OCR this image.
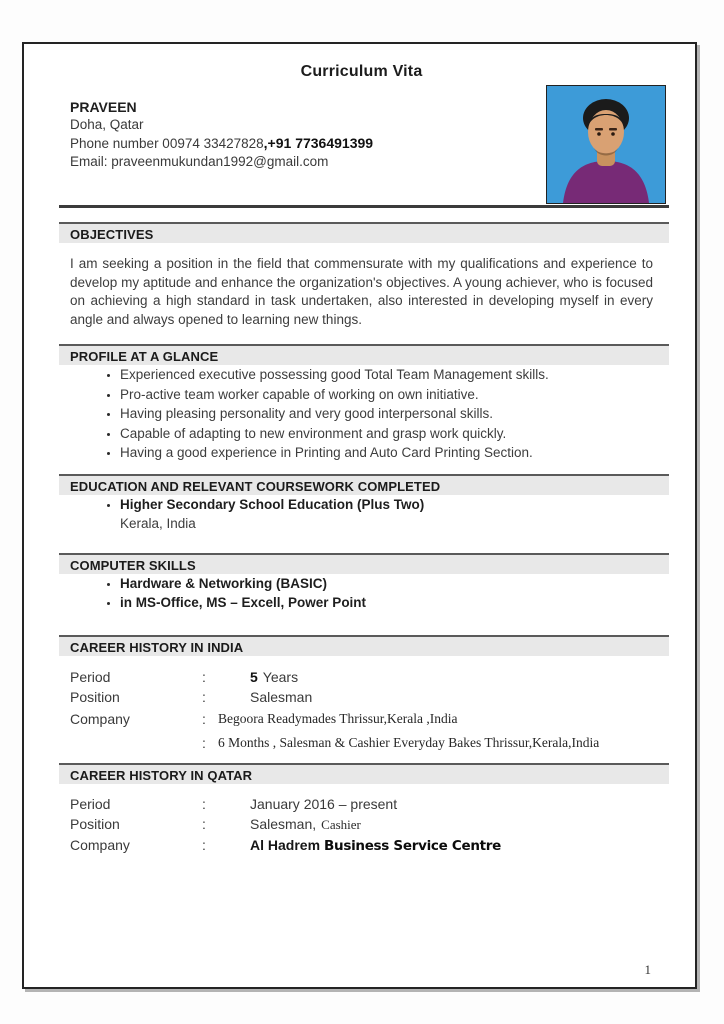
Curriculum Vita
PRAVEEN
Doha, Qatar
Phone number 00974 33427828,+91 7736491399
Email: praveenmukundan1992@gmail.com
OBJECTIVES

I am seeking a position in the field that commensurate with my qualifications and experience to develop my aptitude and enhance the organization's objectives. A young achiever, who is focused on achieving a high standard in task undertaken, also interested in developing myself in every angle and always opened to learning new things.

PROFILE AT A GLANCE
• Experienced executive possessing good Total Team Management skills.
• Pro-active team worker capable of working on own initiative.
• Having pleasing personality and very good interpersonal skills.
• Capable of adapting to new environment and grasp work quickly.
• Having a good experience in Printing and Auto Card Printing Section.
EDUCATION AND RELEVANT COURSEWORK COMPLETED
• Higher Secondary School Education (Plus Two)
Kerala, India
COMPUTER SKILLS
• Hardware & Networking (BASIC)
• in MS-Office, MS – Excell, Power Point
CAREER HISTORY IN INDIA
Period	:	5 Years
Position	:	Salesman
Company	: Begoora Readymades Thrissur,Kerala ,India
: 6 Months , Salesman & Cashier Everyday Bakes Thrissur,Kerala,India
CAREER HISTORY IN QATAR
Period	:	January 2016 – present
Position	:	Salesman, Cashier
Company	:	Al Hadrem Business Service Centre
1
